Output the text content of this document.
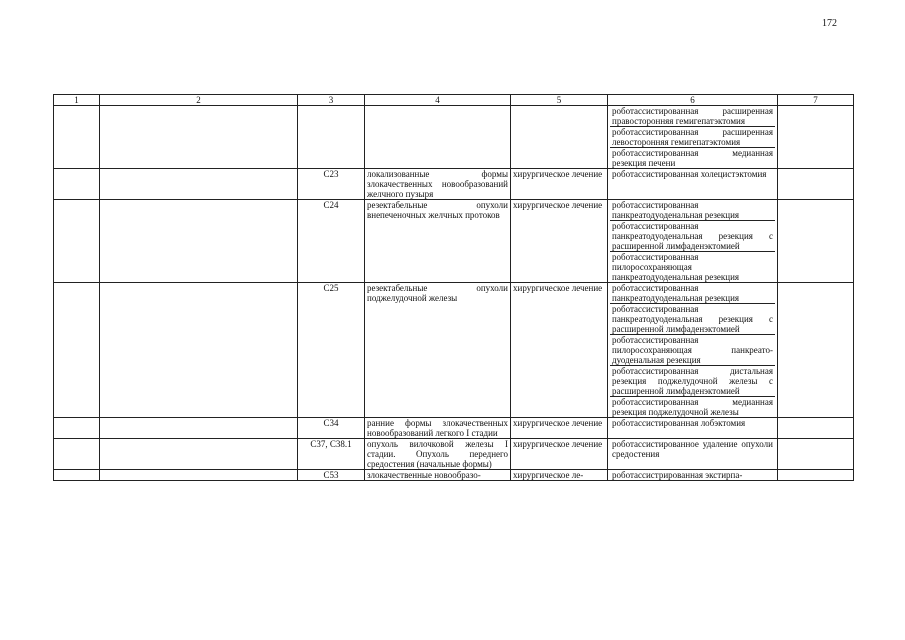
172
1	2	3	4	5	6	7

					роботассистированная расширенная правосторонняя гемигепатэктомия
роботассистированная расширенная левосторонняя гемигепатэктомия
роботассистированная медианная резекция печени	

		C23	локализованные формы злокачественных новообразований желчного пузыря	хирургическое лечение	роботассистированная холецистэктомия	

		C24	резектабельные опухоли внепеченочных желчных протоков	хирургическое лечение	роботассистированная панкреатодуоденальная резекция
роботассистированная панкреатодуоденальная резекция с расширенной лимфаденэктомией
роботассистированная пилоросохраняющая панкреатодуоденальная резекция	

		C25	резектабельные опухоли поджелудочной железы	хирургическое лечение	роботассистированная панкреатодуоденальная резекция
роботассистированная панкреатодуоденальная резекция с расширенной лимфаденэктомией
роботассистированная пилоросохраняющая панкреато-дуоденальная резекция
роботассистированная дистальная резекция поджелудочной железы с расширенной лимфаденэктомией
роботассистированная медианная резекция поджелудочной железы	

		C34	ранние формы злокачественных новообразований легкого I стадии	хирургическое лечение	роботассистированная лобэктомия	

		C37, C38.1	опухоль вилочковой железы I стадии. Опухоль переднего средостения (начальные формы)	хирургическое лечение	роботассистированное удаление опухоли средостения	

		C53	злокачественные новообразо-	хирургическое ле-	роботассистрированная экстирпа-	
